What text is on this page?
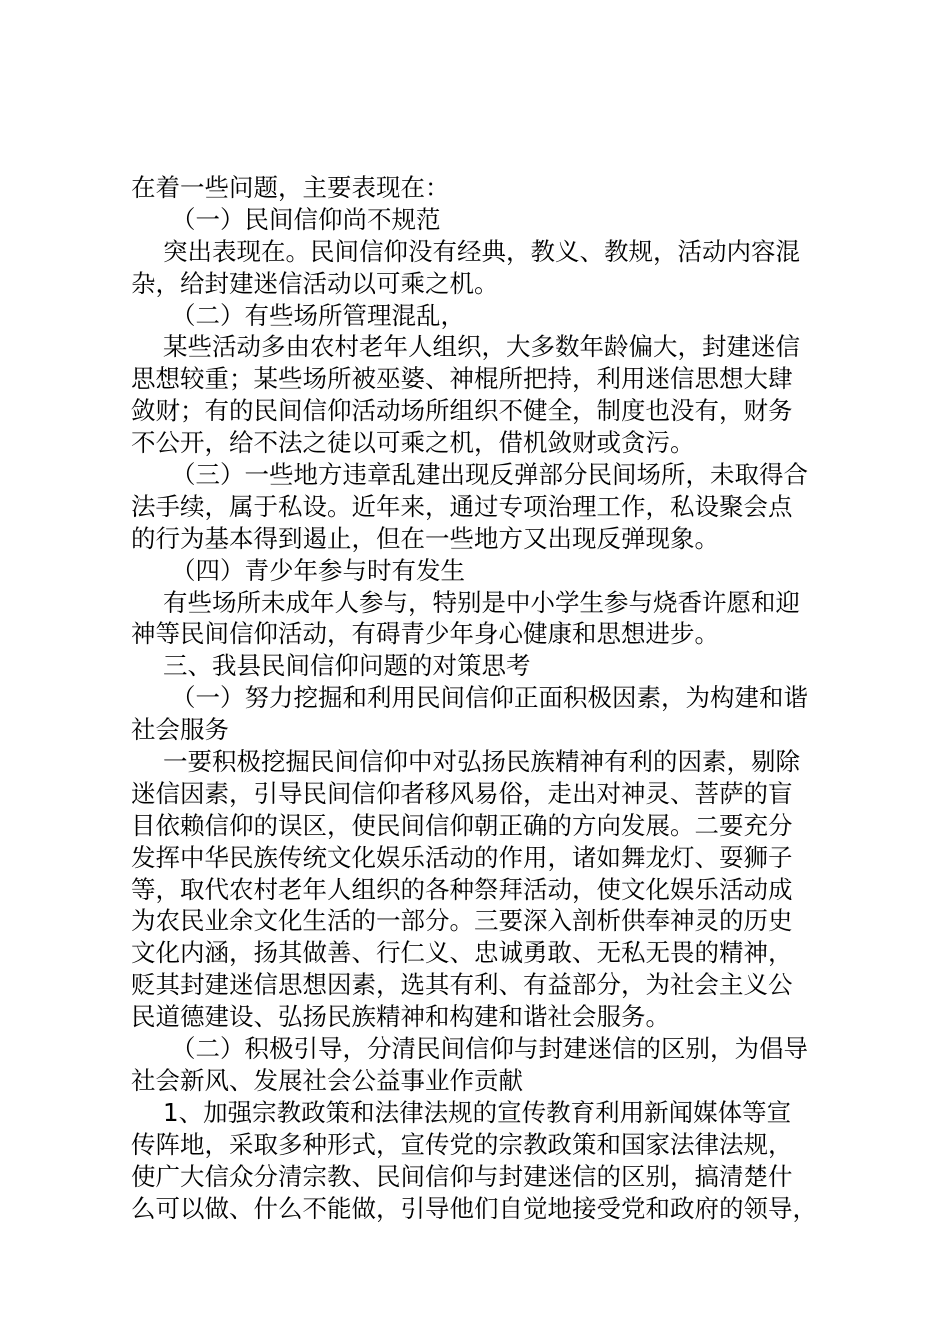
在着一些问题，主要表现在：
（一）民间信仰尚不规范
突出表现在。民间信仰没有经典，教义、教规，活动内容混
杂，给封建迷信活动以可乘之机。
（二）有些场所管理混乱，
某些活动多由农村老年人组织，大多数年龄偏大，封建迷信
思想较重；某些场所被巫婆、神棍所把持，利用迷信思想大肆
敛财；有的民间信仰活动场所组织不健全，制度也没有，财务
不公开，给不法之徒以可乘之机，借机敛财或贪污。
（三）一些地方违章乱建出现反弹部分民间场所，未取得合
法手续，属于私设。近年来，通过专项治理工作，私设聚会点
的行为基本得到遏止，但在一些地方又出现反弹现象。
（四）青少年参与时有发生
有些场所未成年人参与，特别是中小学生参与烧香许愿和迎
神等民间信仰活动，有碍青少年身心健康和思想进步。
三、我县民间信仰问题的对策思考
（一）努力挖掘和利用民间信仰正面积极因素，为构建和谐
社会服务
一要积极挖掘民间信仰中对弘扬民族精神有利的因素，剔除
迷信因素，引导民间信仰者移风易俗，走出对神灵、菩萨的盲
目依赖信仰的误区，使民间信仰朝正确的方向发展。二要充分
发挥中华民族传统文化娱乐活动的作用，诸如舞龙灯、耍狮子
等，取代农村老年人组织的各种祭拜活动，使文化娱乐活动成
为农民业余文化生活的一部分。三要深入剖析供奉神灵的历史
文化内涵，扬其做善、行仁义、忠诚勇敢、无私无畏的精神，
贬其封建迷信思想因素，选其有利、有益部分，为社会主义公
民道德建设、弘扬民族精神和构建和谐社会服务。
（二）积极引导，分清民间信仰与封建迷信的区别，为倡导
社会新风、发展社会公益事业作贡献
1、加强宗教政策和法律法规的宣传教育利用新闻媒体等宣
传阵地，采取多种形式，宣传党的宗教政策和国家法律法规，
使广大信众分清宗教、民间信仰与封建迷信的区别，搞清楚什
么可以做、什么不能做，引导他们自觉地接受党和政府的领导，
